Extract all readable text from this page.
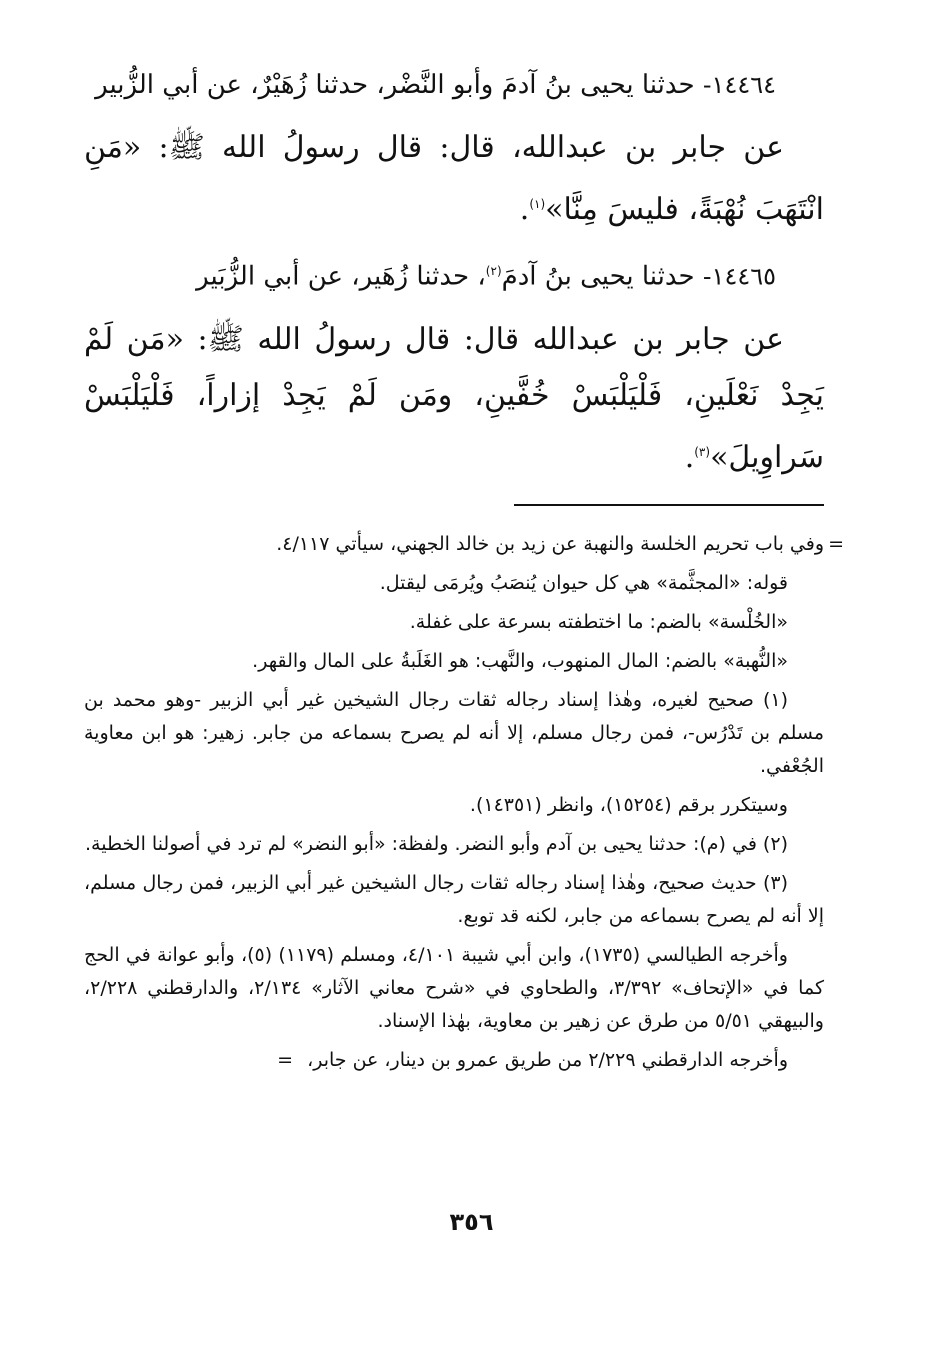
١٤٤٦٤- حدثنا يحيى بنُ آدمَ وأبو النَّضْر، حدثنا زُهَيْرٌ، عن أبي الزُّبير
عن جابر بن عبدالله، قال: قال رسولُ الله ﷺ: «مَنِ انْتَهَبَ نُهْبَةً، فليسَ مِنَّا»$^{(١)}$.
١٤٤٦٥- حدثنا يحيى بنُ آدمَ$^{(٢)}$، حدثنا زُهَير، عن أبي الزُّبَير
عن جابر بن عبدالله قال: قال رسولُ الله ﷺ: «مَن لَمْ يَجِدْ نَعْلَينِ، فَلْيَلْبَسْ خُفَّينِ، ومَن لَمْ يَجِدْ إزاراً، فَلْيَلْبَسْ سَراوِيلَ»$^{(٣)}$.

=
وفي باب تحريم الخلسة والنهبة عن زيد بن خالد الجهني، سيأتي ٤/١١٧.

قوله: «المجثَّمة» هي كل حيوان يُنصَبُ ويُرمَى ليقتل.

«الخُلْسة» بالضم: ما اختطفته بسرعة على غفلة.

«النُّهبة» بالضم: المال المنهوب، والنَّهب: هو الغَلَبةُ على المال والقهر.

(١) صحيح لغيره، وهٰذا إسناد رجاله ثقات رجال الشيخين غير أبي الزبير -وهو محمد بن مسلم بن تَدْرُس-، فمن رجال مسلم، إلا أنه لم يصرح بسماعه من جابر. زهير: هو ابن معاوية الجُعْفي.

وسيتكرر برقم (١٥٢٥٤)، وانظر (١٤٣٥١).

(٢) في (م): حدثنا يحيى بن آدم وأبو النضر. ولفظة: «أبو النضر» لم ترد في أصولنا الخطية.

(٣) حديث صحيح، وهٰذا إسناد رجاله ثقات رجال الشيخين غير أبي الزبير، فمن رجال مسلم، إلا أنه لم يصرح بسماعه من جابر، لكنه قد توبع.

وأخرجه الطيالسي (١٧٣٥)، وابن أبي شيبة ٤/١٠١، ومسلم (١١٧٩) (٥)، وأبو عوانة في الحج كما في «الإتحاف» ٣/٣٩٢، والطحاوي في «شرح معاني الآثار» ٢/١٣٤، والدارقطني ٢/٢٢٨، والبيهقي ٥/٥١ من طرق عن زهير بن معاوية، بهٰذا الإسناد.

وأخرجه الدارقطني ٢/٢٢٩ من طريق عمرو بن دينار، عن جابر، =

٣٥٦
